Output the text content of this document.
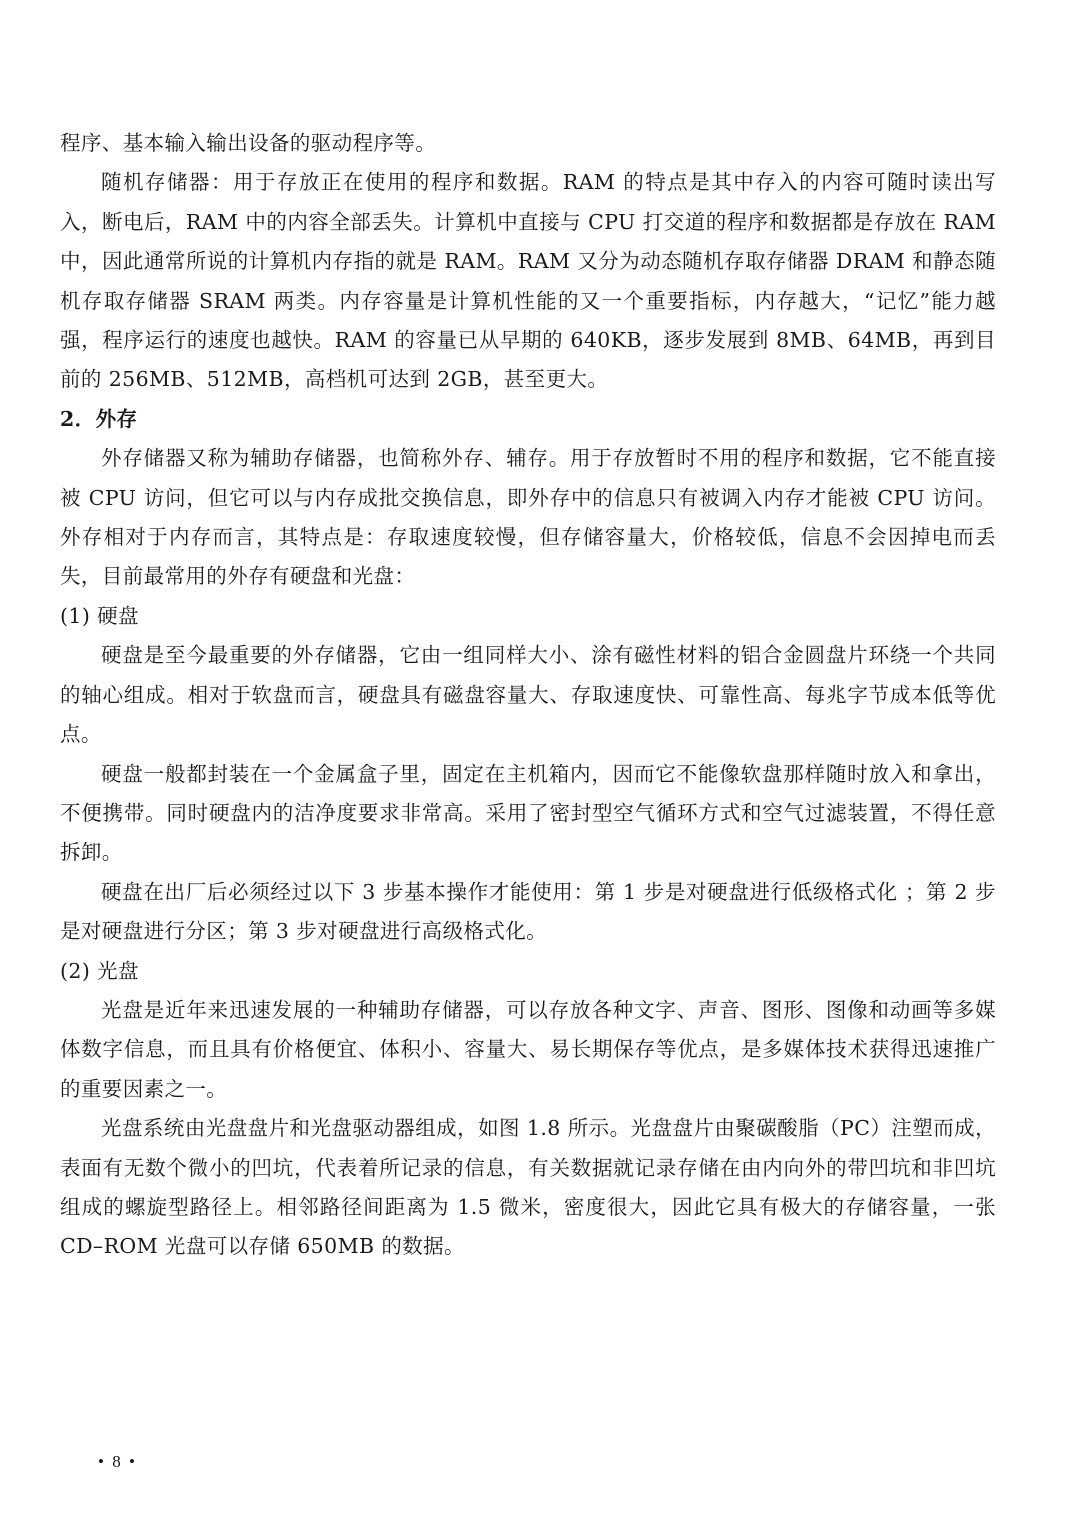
程序、基本输入输出设备的驱动程序等。

随机存储器：用于存放正在使用的程序和数据。RAM 的特点是其中存入的内容可随时读出写入，断电后，RAM 中的内容全部丢失。计算机中直接与 CPU 打交道的程序和数据都是存放在 RAM 中，因此通常所说的计算机内存指的就是 RAM。RAM 又分为动态随机存取存储器 DRAM 和静态随机存取存储器 SRAM 两类。内存容量是计算机性能的又一个重要指标，内存越大，“记忆”能力越强，程序运行的速度也越快。RAM 的容量已从早期的 640KB，逐步发展到 8MB、64MB，再到目前的 256MB、512MB，高档机可达到 2GB，甚至更大。

2．外存

外存储器又称为辅助存储器，也简称外存、辅存。用于存放暂时不用的程序和数据，它不能直接被 CPU 访问，但它可以与内存成批交换信息，即外存中的信息只有被调入内存才能被 CPU 访问。外存相对于内存而言，其特点是：存取速度较慢，但存储容量大，价格较低，信息不会因掉电而丢失，目前最常用的外存有硬盘和光盘：

(1) 硬盘

硬盘是至今最重要的外存储器，它由一组同样大小、涂有磁性材料的铝合金圆盘片环绕一个共同的轴心组成。相对于软盘而言，硬盘具有磁盘容量大、存取速度快、可靠性高、每兆字节成本低等优点。

硬盘一般都封装在一个金属盒子里，固定在主机箱内，因而它不能像软盘那样随时放入和拿出，不便携带。同时硬盘内的洁净度要求非常高。采用了密封型空气循环方式和空气过滤装置，不得任意拆卸。

硬盘在出厂后必须经过以下 3 步基本操作才能使用：第 1 步是对硬盘进行低级格式化 ；第 2 步是对硬盘进行分区；第 3 步对硬盘进行高级格式化。

(2) 光盘

光盘是近年来迅速发展的一种辅助存储器，可以存放各种文字、声音、图形、图像和动画等多媒体数字信息，而且具有价格便宜、体积小、容量大、易长期保存等优点，是多媒体技术获得迅速推广的重要因素之一。

光盘系统由光盘盘片和光盘驱动器组成，如图 1.8 所示。光盘盘片由聚碳酸脂（PC）注塑而成，表面有无数个微小的凹坑，代表着所记录的信息，有关数据就记录存储在由内向外的带凹坑和非凹坑组成的螺旋型路径上。相邻路径间距离为 1.5 微米，密度很大，因此它具有极大的存储容量，一张 CD–ROM 光盘可以存储 650MB 的数据。

• 8 •
